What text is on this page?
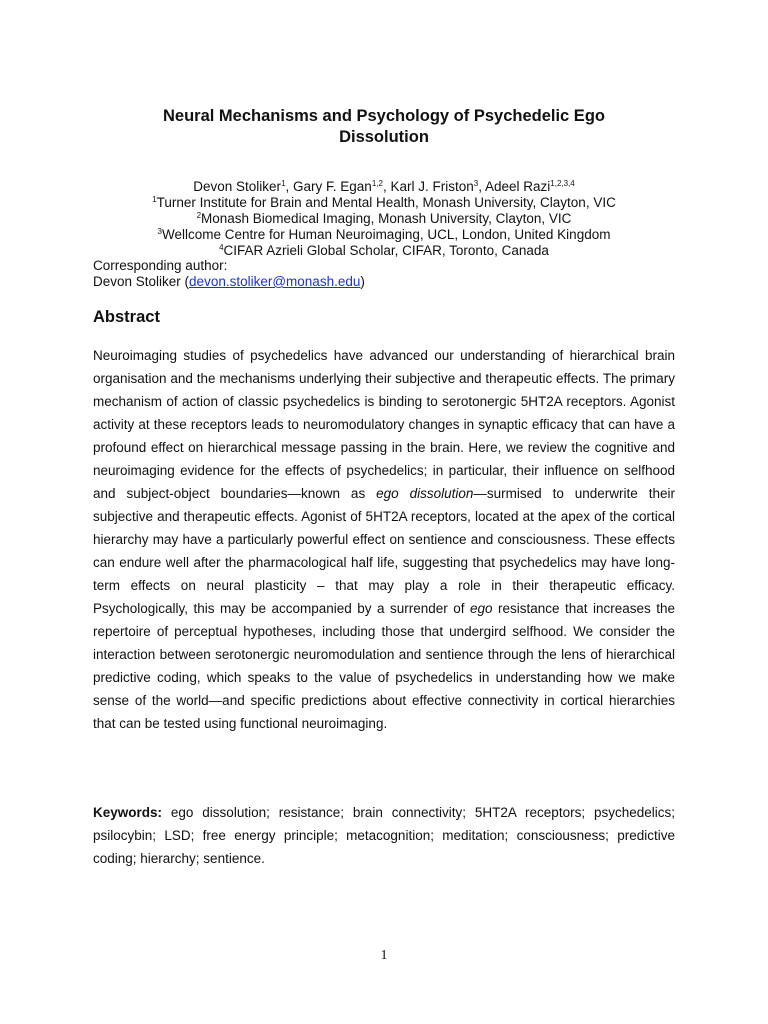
Neural Mechanisms and Psychology of Psychedelic Ego
Dissolution
Devon Stoliker$^1$, Gary F. Egan$^{1,2}$, Karl J. Friston$^3$, Adeel Razi$^{1,2,3,4}$
$^1$Turner Institute for Brain and Mental Health, Monash University, Clayton, VIC
$^2$Monash Biomedical Imaging, Monash University, Clayton, VIC
$^3$Wellcome Centre for Human Neuroimaging, UCL, London, United Kingdom
$^4$CIFAR Azrieli Global Scholar, CIFAR, Toronto, Canada
Corresponding author:
Devon Stoliker (devon.stoliker@monash.edu)
Abstract

Neuroimaging studies of psychedelics have advanced our understanding of hierarchical brain organisation and the mechanisms underlying their subjective and therapeutic effects. The primary mechanism of action of classic psychedelics is binding to serotonergic 5HT2A receptors. Agonist activity at these receptors leads to neuromodulatory changes in synaptic efficacy that can have a profound effect on hierarchical message passing in the brain. Here, we review the cognitive and neuroimaging evidence for the effects of psychedelics; in particular, their influence on selfhood and subject-object boundaries—known as ego dissolution—surmised to underwrite their subjective and therapeutic effects. Agonist of 5HT2A receptors, located at the apex of the cortical hierarchy may have a particularly powerful effect on sentience and consciousness. These effects can endure well after the pharmacological half life, suggesting that psychedelics may have long-term effects on neural plasticity – that may play a role in their therapeutic efficacy. Psychologically, this may be accompanied by a surrender of ego resistance that increases the repertoire of perceptual hypotheses, including those that undergird selfhood. We consider the interaction between serotonergic neuromodulation and sentience through the lens of hierarchical predictive coding, which speaks to the value of psychedelics in understanding how we make sense of the world—and specific predictions about effective connectivity in cortical hierarchies that can be tested using functional neuroimaging.

Keywords: ego dissolution; resistance; brain connectivity; 5HT2A receptors; psychedelics; psilocybin; LSD; free energy principle; metacognition; meditation; consciousness; predictive coding; hierarchy; sentience.

1
